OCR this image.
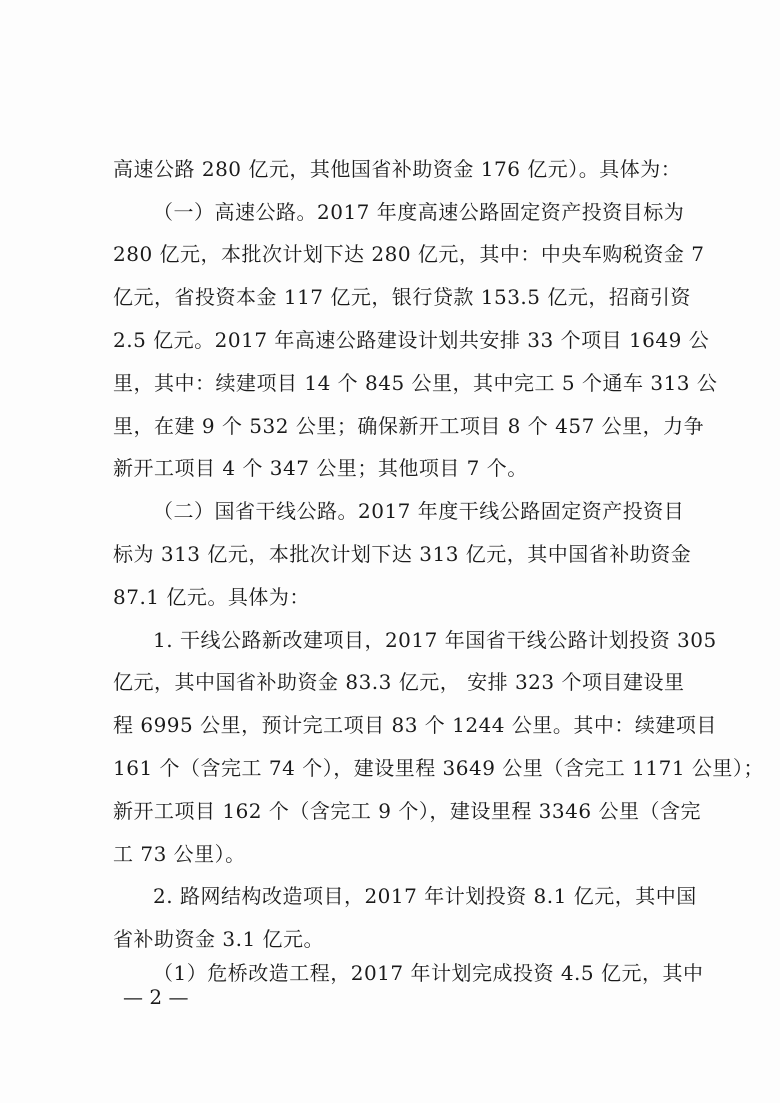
高速公路 280 亿元，其他国省补助资金 176 亿元）。具体为：

（一）高速公路。2017 年度高速公路固定资产投资目标为

280 亿元，本批次计划下达 280 亿元，其中：中央车购税资金 7

亿元，省投资本金 117 亿元，银行贷款 153.5 亿元，招商引资

2.5 亿元。2017 年高速公路建设计划共安排 33 个项目 1649 公

里，其中：续建项目 14 个 845 公里，其中完工 5 个通车 313 公

里，在建 9 个 532 公里；确保新开工项目 8 个 457 公里，力争

新开工项目 4 个 347 公里；其他项目 7 个。

（二）国省干线公路。2017 年度干线公路固定资产投资目

标为 313 亿元，本批次计划下达 313 亿元，其中国省补助资金

87.1 亿元。具体为：

1. 干线公路新改建项目，2017 年国省干线公路计划投资 305

亿元，其中国省补助资金 83.3 亿元， 安排 323 个项目建设里

程 6995 公里，预计完工项目 83 个 1244 公里。其中：续建项目

161 个（含完工 74 个），建设里程 3649 公里（含完工 1171 公里）；

新开工项目 162 个（含完工 9 个），建设里程 3346 公里（含完

工 73 公里）。

2. 路网结构改造项目，2017 年计划投资 8.1 亿元，其中国

省补助资金 3.1 亿元。

（1）危桥改造工程，2017 年计划完成投资 4.5 亿元，其中

— 2 —
